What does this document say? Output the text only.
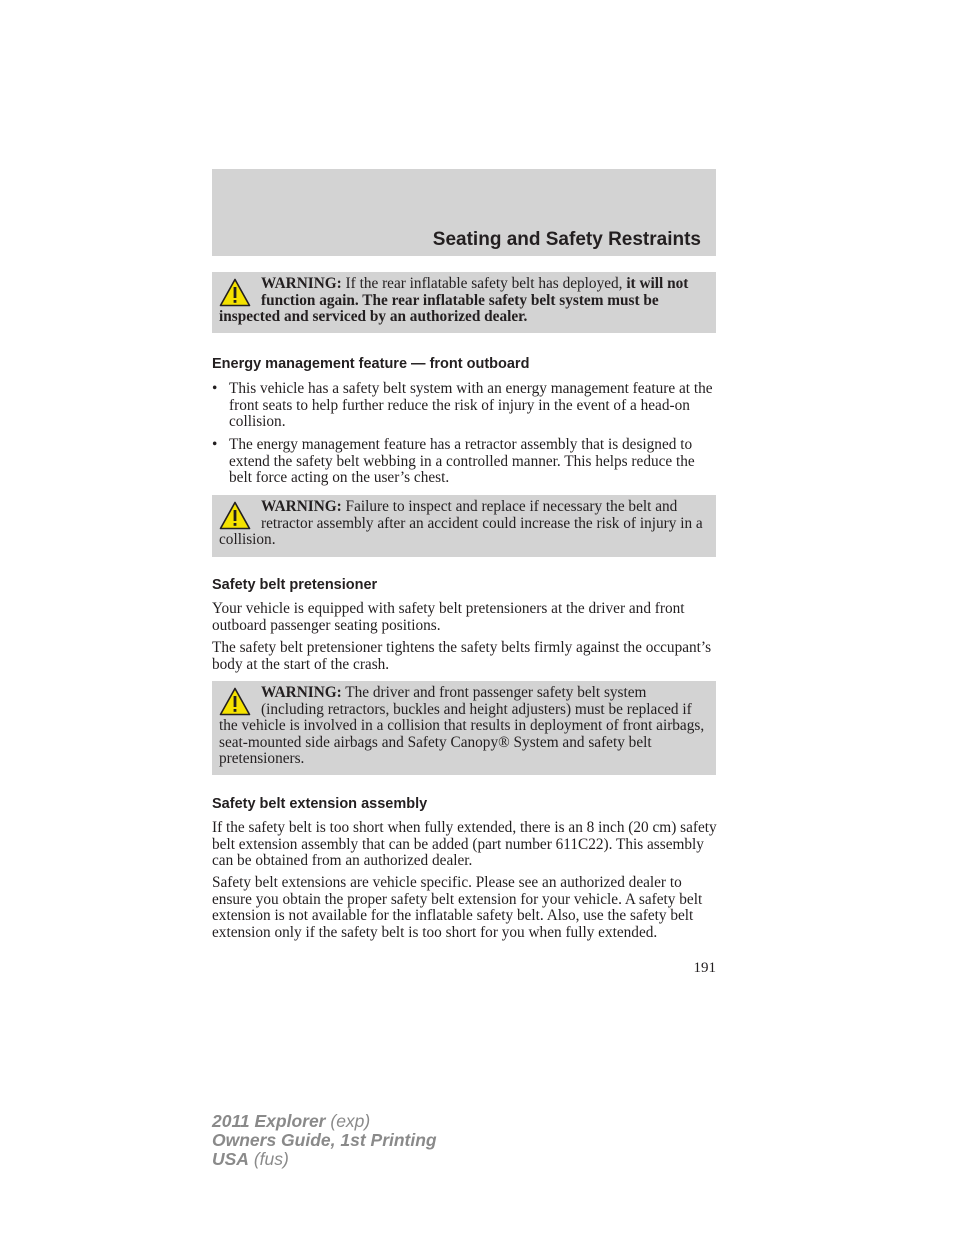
Seating and Safety Restraints
WARNING: If the rear inflatable safety belt has deployed, it will not function again. The rear inflatable safety belt system must be inspected and serviced by an authorized dealer.
Energy management feature — front outboard
• This vehicle has a safety belt system with an energy management feature at the front seats to help further reduce the risk of injury in the event of a head-on collision.
• The energy management feature has a retractor assembly that is designed to extend the safety belt webbing in a controlled manner. This helps reduce the belt force acting on the user’s chest.
WARNING: Failure to inspect and replace if necessary the belt and retractor assembly after an accident could increase the risk of injury in a collision.
Safety belt pretensioner
Your vehicle is equipped with safety belt pretensioners at the driver and front outboard passenger seating positions.
The safety belt pretensioner tightens the safety belts firmly against the occupant’s body at the start of the crash.
WARNING: The driver and front passenger safety belt system (including retractors, buckles and height adjusters) must be replaced if the vehicle is involved in a collision that results in deployment of front airbags, seat-mounted side airbags and Safety Canopy® System and safety belt pretensioners.
Safety belt extension assembly
If the safety belt is too short when fully extended, there is an 8 inch (20 cm) safety belt extension assembly that can be added (part number 611C22). This assembly can be obtained from an authorized dealer.
Safety belt extensions are vehicle specific. Please see an authorized dealer to ensure you obtain the proper safety belt extension for your vehicle. A safety belt extension is not available for the inflatable safety belt. Also, use the safety belt extension only if the safety belt is too short for you when fully extended.
191
2011 Explorer (exp)
Owners Guide, 1st Printing
USA (fus)
